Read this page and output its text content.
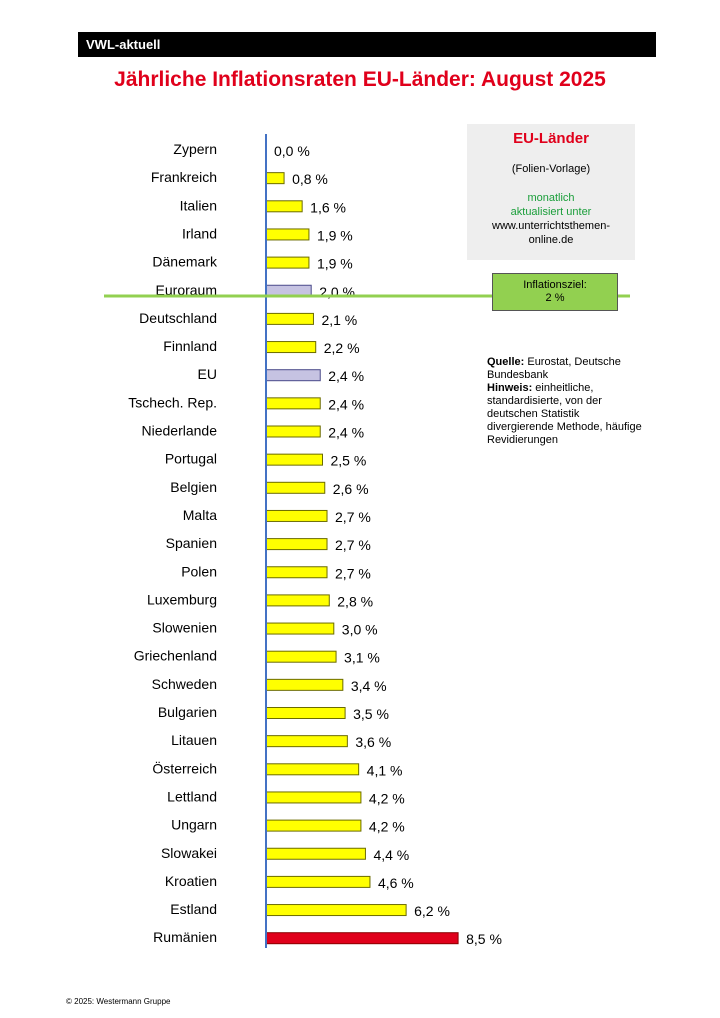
VWL-aktuell
Jährliche Inflationsraten EU-Länder: August 2025
Zypern	0,0 %
Frankreich	0,8 %
Italien	1,6 %
Irland	1,9 %
Dänemark	1,9 %
Euroraum	2,0 %
Deutschland	2,1 %
Finnland	2,2 %
EU	2,4 %
Tschech. Rep.	2,4 %
Niederlande	2,4 %
Portugal	2,5 %
Belgien	2,6 %
Malta	2,7 %
Spanien	2,7 %
Polen	2,7 %
Luxemburg	2,8 %
Slowenien	3,0 %
Griechenland	3,1 %
Schweden	3,4 %
Bulgarien	3,5 %
Litauen	3,6 %
Österreich	4,1 %
Lettland	4,2 %
Ungarn	4,2 %
Slowakei	4,4 %
Kroatien	4,6 %
Estland	6,2 %
Rumänien	8,5 %
EU-Länder
(Folien-Vorlage)
monatlich
aktualisiert unter
www.unterrichtsthemen-
online.de
Inflationsziel:
2 %
Quelle: Eurostat, Deutsche Bundesbank
Hinweis: einheitliche, standardisierte, von der deutschen Statistik divergierende Methode, häufige Revidierungen
© 2025: Westermann Gruppe
